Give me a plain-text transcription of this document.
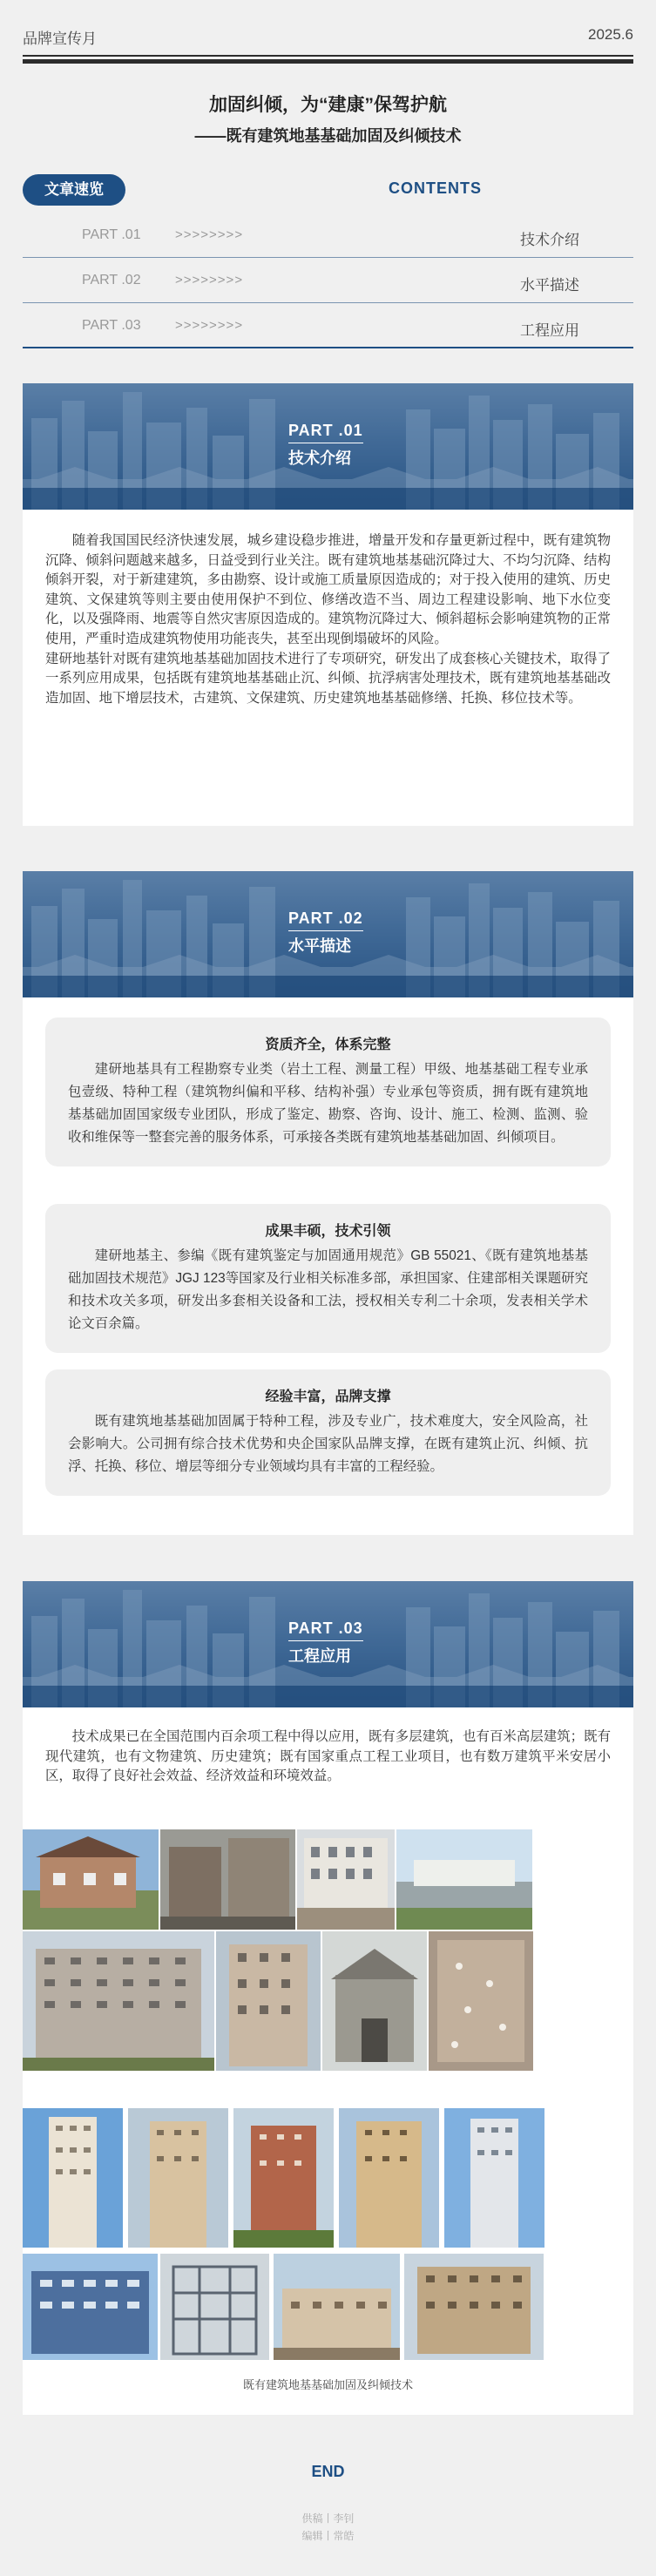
品牌宣传月	2025.6
加固纠倾，为“建康”保驾护航
——既有建筑地基基础加固及纠倾技术
文章速览	CONTENTS
PART .01	>>>>>>>>	技术介绍
PART .02	>>>>>>>>	水平描述
PART .03	>>>>>>>>	工程应用
PART .01
技术介绍

随着我国国民经济快速发展，城乡建设稳步推进，增量开发和存量更新过程中，既有建筑物沉降、倾斜问题越来越多，日益受到行业关注。既有建筑地基基础沉降过大、不均匀沉降、结构倾斜开裂，对于新建建筑，多由勘察、设计或施工质量原因造成的；对于投入使用的建筑、历史建筑、文保建筑等则主要由使用保护不到位、修缮改造不当、周边工程建设影响、地下水位变化，以及强降雨、地震等自然灾害原因造成的。建筑物沉降过大、倾斜超标会影响建筑物的正常使用，严重时造成建筑物使用功能丧失，甚至出现倒塌破坏的风险。

建研地基针对既有建筑地基基础加固技术进行了专项研究，研发出了成套核心关键技术，取得了一系列应用成果，包括既有建筑地基基础止沉、纠倾、抗浮病害处理技术，既有建筑地基基础改造加固、地下增层技术，古建筑、文保建筑、历史建筑地基基础修缮、托换、移位技术等。

PART .02
水平描述
资质齐全，体系完整
建研地基具有工程勘察专业类（岩土工程、测量工程）甲级、地基基础工程专业承包壹级、特种工程（建筑物纠偏和平移、结构补强）专业承包等资质，拥有既有建筑地基基础加固国家级专业团队，形成了鉴定、勘察、咨询、设计、施工、检测、监测、验收和维保等一整套完善的服务体系，可承接各类既有建筑地基基础加固、纠倾项目。
成果丰硕，技术引领
建研地基主、参编《既有建筑鉴定与加固通用规范》GB 55021、《既有建筑地基基础加固技术规范》JGJ 123等国家及行业相关标准多部，承担国家、住建部相关课题研究和技术攻关多项，研发出多套相关设备和工法，授权相关专利二十余项，发表相关学术论文百余篇。
经验丰富，品牌支撑
既有建筑地基基础加固属于特种工程，涉及专业广，技术难度大，安全风险高，社会影响大。公司拥有综合技术优势和央企国家队品牌支撑，在既有建筑止沉、纠倾、抗浮、托换、移位、增层等细分专业领域均具有丰富的工程经验。
PART .03
工程应用

技术成果已在全国范围内百余项工程中得以应用，既有多层建筑，也有百米高层建筑；既有现代建筑，也有文物建筑、历史建筑；既有国家重点工程工业项目，也有数万建筑平米安居小区，取得了良好社会效益、经济效益和环境效益。

既有建筑地基基础加固及纠倾技术
END
供稿丨李钊
编辑丨常皓
